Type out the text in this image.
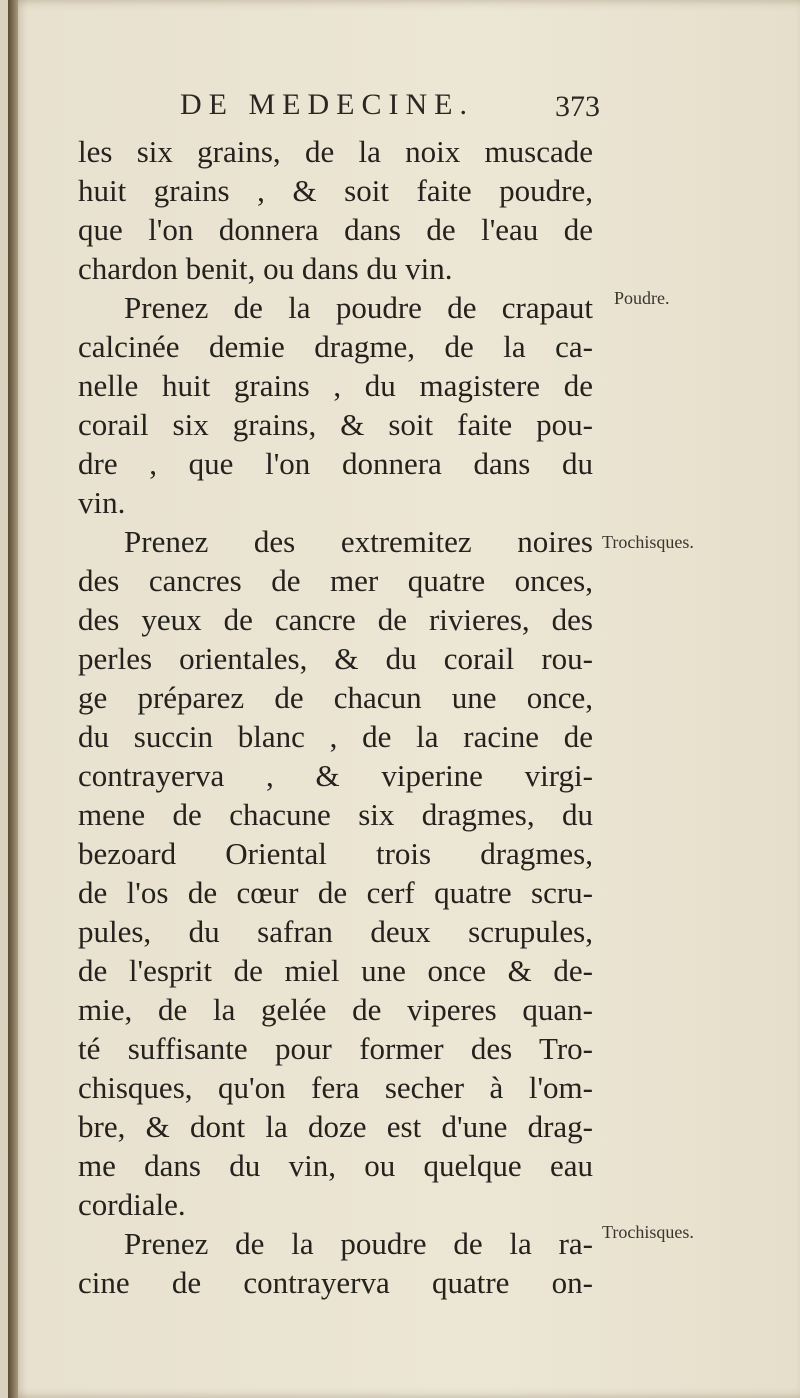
DE MEDECINE.	373
les six grains, de la noix muscade
huit grains , & soit faite poudre,
que l'on donnera dans de l'eau de
chardon benit, ou dans du vin.
Prenez de la poudre de crapaut
calcinée demie dragme, de la ca-
nelle huit grains , du magistere de
corail six grains, & soit faite pou-
dre , que l'on donnera dans du
vin.
Prenez des extremitez noires
des cancres de mer quatre onces,
des yeux de cancre de rivieres, des
perles orientales, & du corail rou-
ge préparez de chacun une once,
du succin blanc , de la racine de
contrayerva , & viperine virgi-
mene de chacune six dragmes, du
bezoard Oriental trois dragmes,
de l'os de cœur de cerf quatre scru-
pules, du safran deux scrupules,
de l'esprit de miel une once & de-
mie, de la gelée de viperes quan-
té suffisante pour former des Tro-
chisques, qu'on fera secher à l'om-
bre, & dont la doze est d'une drag-
me dans du vin, ou quelque eau
cordiale.
Prenez de la poudre de la ra-
cine de contrayerva quatre on-
Poudre.
Trochisques.
Trochisques.
